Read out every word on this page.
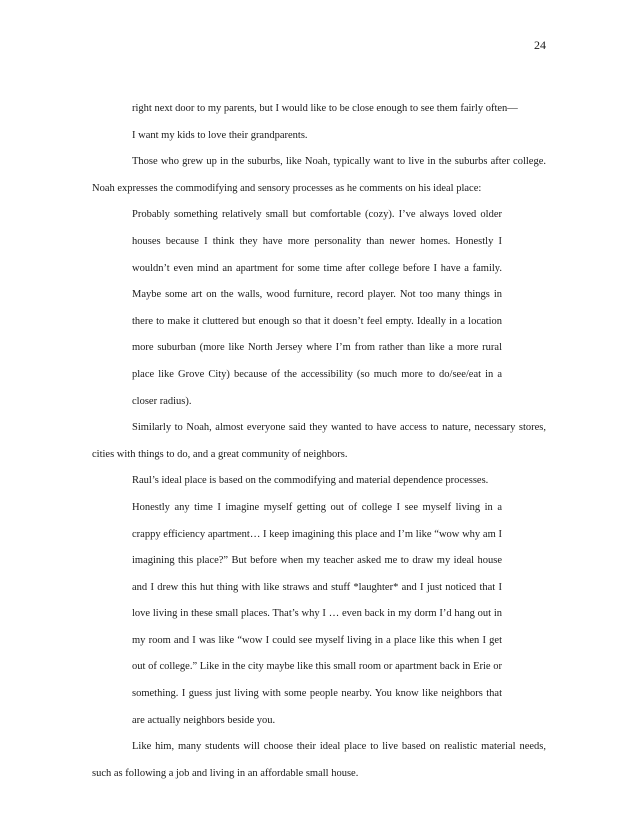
24

right next door to my parents, but I would like to be close enough to see them fairly often—

I want my kids to love their grandparents.

Those who grew up in the suburbs, like Noah, typically want to live in the suburbs after college. Noah expresses the commodifying and sensory processes as he comments on his ideal place:

Probably something relatively small but comfortable (cozy). I’ve always loved older houses because I think they have more personality than newer homes. Honestly I wouldn’t even mind an apartment for some time after college before I have a family. Maybe some art on the walls, wood furniture, record player. Not too many things in there to make it cluttered but enough so that it doesn’t feel empty. Ideally in a location more suburban (more like North Jersey where I’m from rather than like a more rural place like Grove City) because of the accessibility (so much more to do/see/eat in a closer radius).

Similarly to Noah, almost everyone said they wanted to have access to nature, necessary stores, cities with things to do, and a great community of neighbors.

Raul’s ideal place is based on the commodifying and material dependence processes.

Honestly any time I imagine myself getting out of college I see myself living in a crappy efficiency apartment… I keep imagining this place and I’m like “wow why am I imagining this place?” But before when my teacher asked me to draw my ideal house and I drew this hut thing with like straws and stuff *laughter* and I just noticed that I love living in these small places. That’s why I … even back in my dorm I’d hang out in my room and I was like “wow I could see myself living in a place like this when I get out of college.” Like in the city maybe like this small room or apartment back in Erie or something. I guess just living with some people nearby. You know like neighbors that are actually neighbors beside you.

Like him, many students will choose their ideal place to live based on realistic material needs, such as following a job and living in an affordable small house.
